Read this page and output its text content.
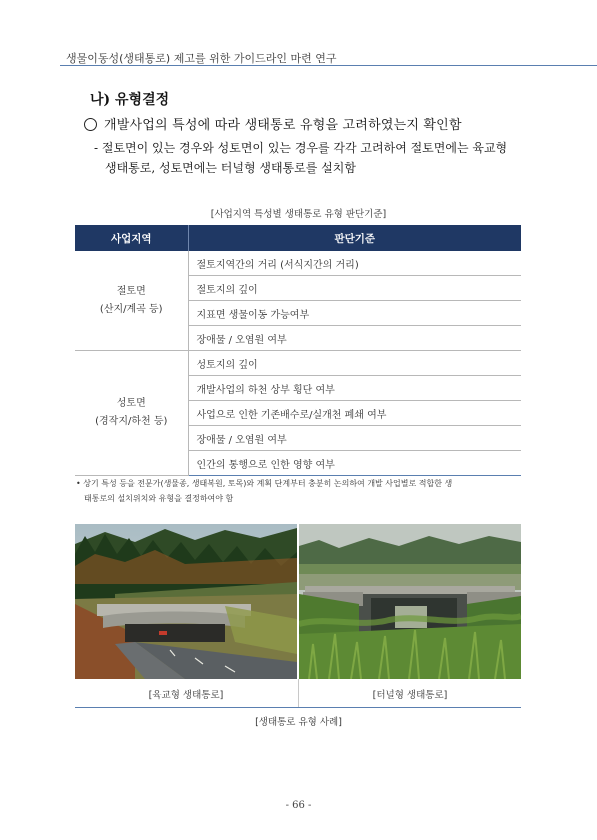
생물이동성(생태통로) 제고를 위한 가이드라인 마련 연구
나) 유형결정
개발사업의 특성에 따라 생태통로 유형을 고려하였는지 확인함
- 절토면이 있는 경우와 성토면이 있는 경우를 각각 고려하여 절토면에는 육교형
생태통로, 성토면에는 터널형 생태통로를 설치함
[사업지역 특성별 생태통로 유형 판단기준]
사업지역	판단기준

절토면
(산지/계곡 등)	절토지역간의 거리 (서식지간의 거리)
	절토지의 깊이
	지표면 생물이동 가능여부
	장애물 / 오염원 여부

성토면
(경작지/하천 등)	성토지의 깊이
	개발사업의 하천 상부 횡단 여부
	사업으로 인한 기존배수로/실개천 폐쇄 여부
	장애물 / 오염원 여부
	인간의 통행으로 인한 영향 여부
• 상기 특성 등을 전문가(생물종, 생태복원, 토목)와 계획 단계부터 충분히 논의하여 개발 사업별로 적합한 생
태통로의 설치위치와 유형을 결정하여야 함
[육교형 생태통로]	[터널형 생태통로]
[생태통로 유형 사례]
- 66 -
